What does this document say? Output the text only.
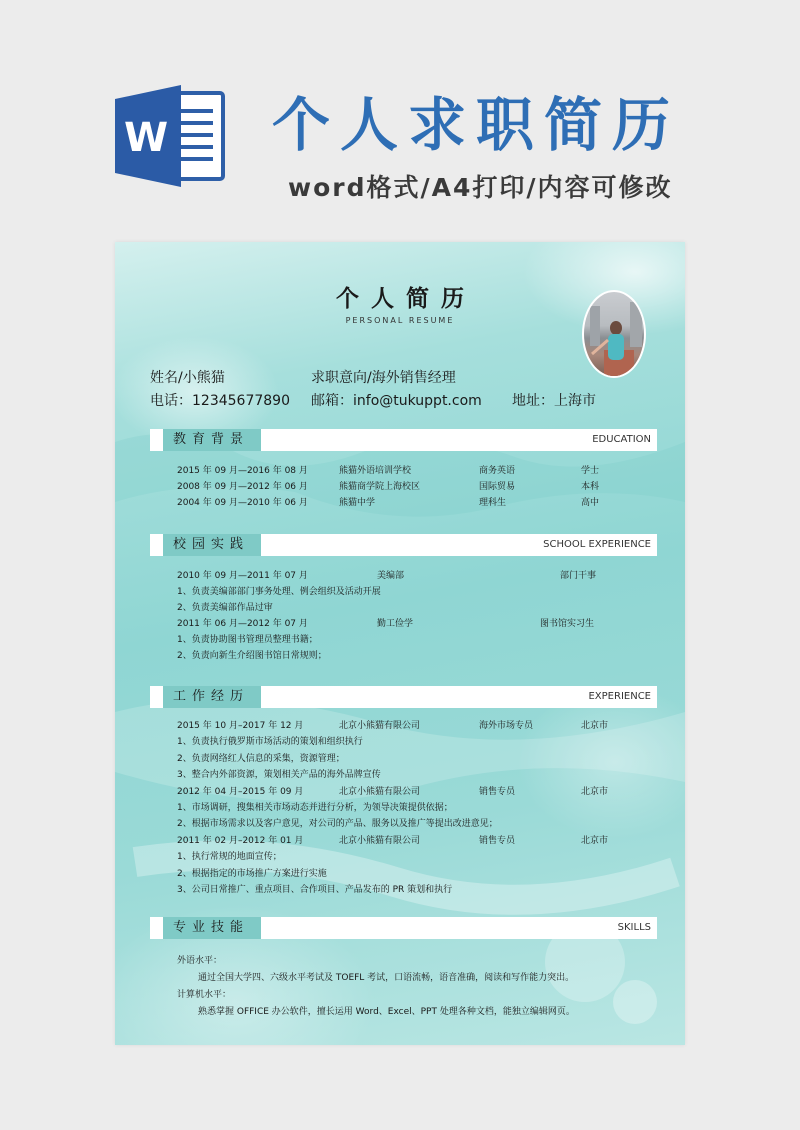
W 个人求职简历
word格式/A4打印/内容可修改
个人简历
PERSONAL RESUME
姓名/小熊猫	求职意向/海外销售经理
电话：12345677890 邮箱：info@tukuppt.com 地址：上海市
教育背景	EDUCATION
2015 年 09 月—2016 年 08 月	熊猫外语培训学校	商务英语	学士
2008 年 09 月—2012 年 06 月	熊猫商学院上海校区	国际贸易	本科
2004 年 09 月—2010 年 06 月	熊猫中学	理科生	高中
校园实践	SCHOOL EXPERIENCE
2010 年 09 月—2011 年 07 月	美编部	部门干事
1、负责美编部部门事务处理、例会组织及活动开展
2、负责美编部作品过审
2011 年 06 月—2012 年 07 月	勤工俭学	图书馆实习生
1、负责协助图书管理员整理书籍；
2、负责向新生介绍图书馆日常规则；
工作经历	EXPERIENCE
2015 年 10 月–2017 年 12 月	北京小熊猫有限公司	海外市场专员	北京市
1、负责执行俄罗斯市场活动的策划和组织执行
2、负责网络红人信息的采集，资源管理；
3、整合内外部资源，策划相关产品的海外品牌宣传
2012 年 04 月–2015 年 09 月	北京小熊猫有限公司	销售专员	北京市
1、市场调研，搜集相关市场动态并进行分析，为领导决策提供依据；
2、根据市场需求以及客户意见，对公司的产品、服务以及推广等提出改进意见；
2011 年 02 月–2012 年 01 月	北京小熊猫有限公司	销售专员	北京市
1、执行常规的地面宣传；
2、根据指定的市场推广方案进行实施
3、公司日常推广、重点项目、合作项目、产品发布的 PR 策划和执行
专业技能	SKILLS
外语水平：
通过全国大学四、六级水平考试及 TOEFL 考试，口语流畅，语音准确，阅读和写作能力突出。
计算机水平：
熟悉掌握 OFFICE 办公软件，擅长运用 Word、Excel、PPT 处理各种文档，能独立编辑网页。
